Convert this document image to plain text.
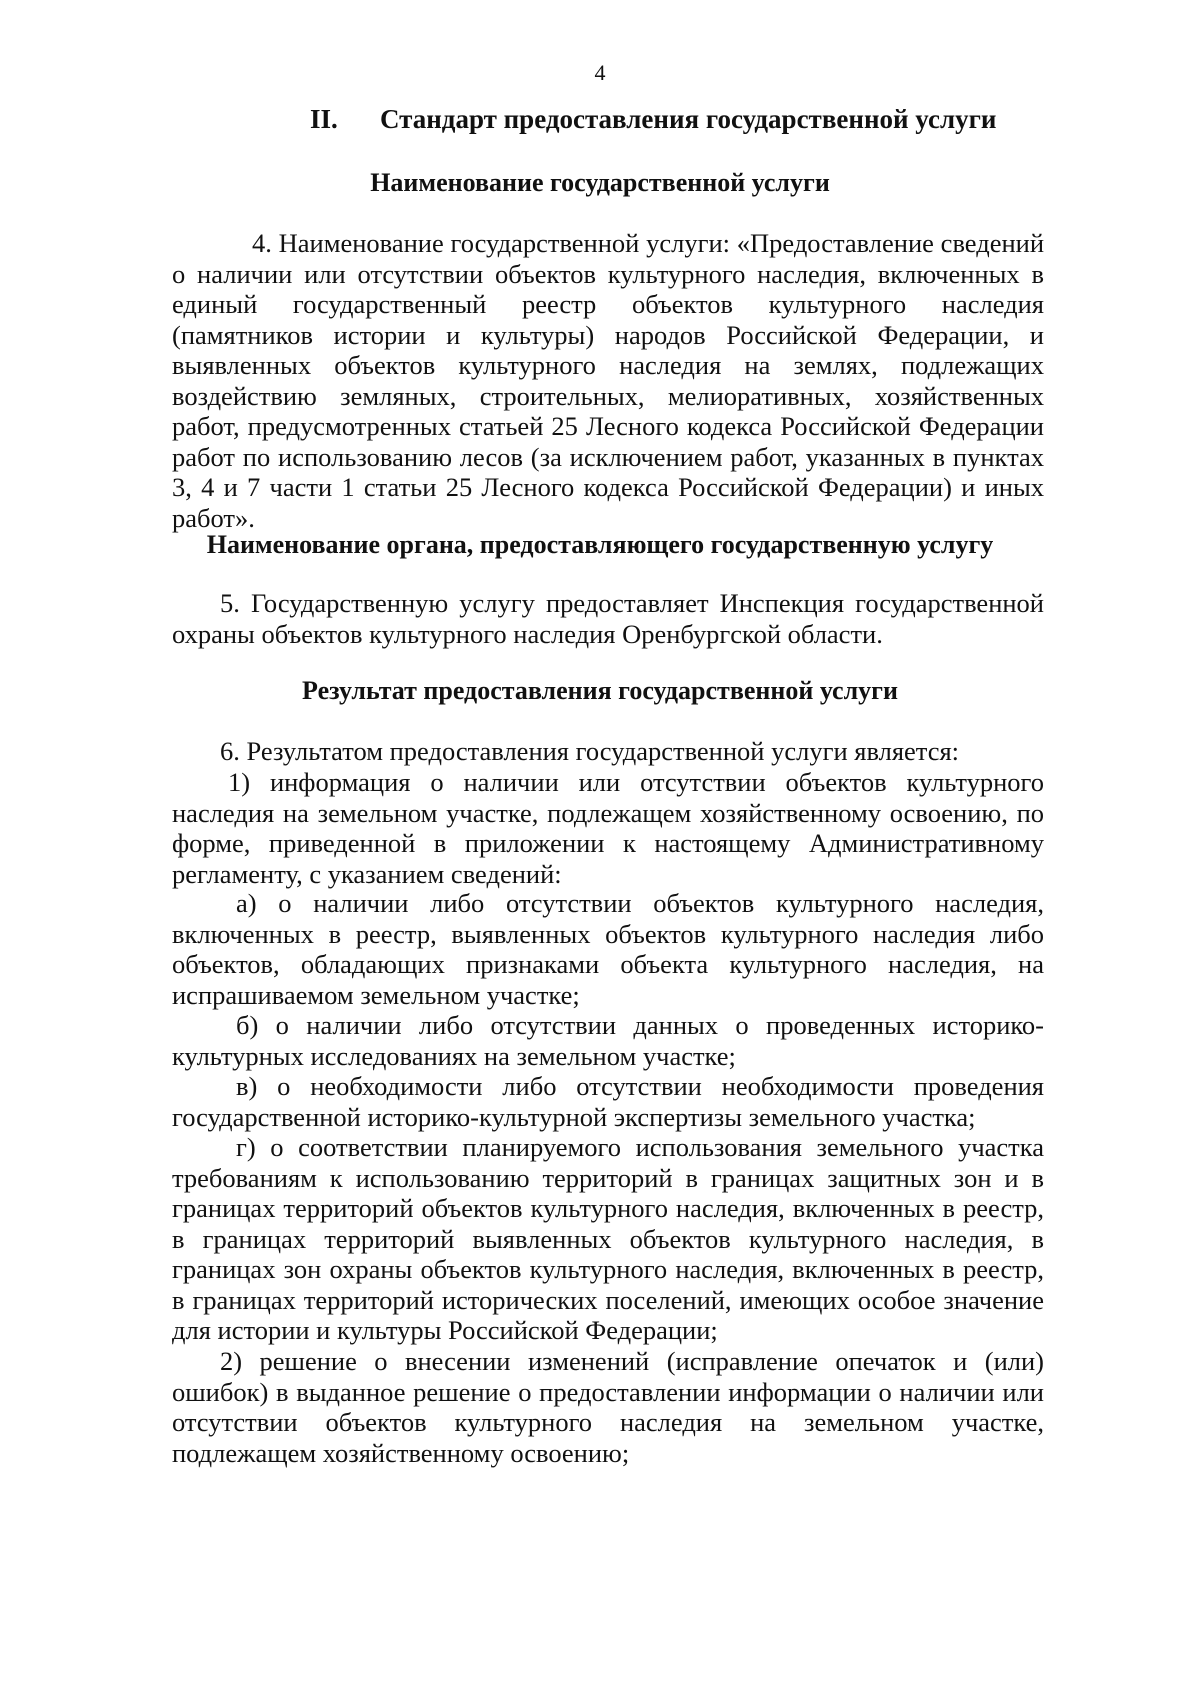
4
II. Стандарт предоставления государственной услуги
Наименование государственной услуги
4. Наименование государственной услуги: «Предоставление сведений о наличии или отсутствии объектов культурного наследия, включенных в единый государственный реестр объектов культурного наследия (памятников истории и культуры) народов Российской Федерации, и выявленных объектов культурного наследия на землях, подлежащих воздействию земляных, строительных, мелиоративных, хозяйственных работ, предусмотренных статьей 25 Лесного кодекса Российской Федерации работ по использованию лесов (за исключением работ, указанных в пунктах 3, 4 и 7 части 1 статьи 25 Лесного кодекса Российской Федерации) и иных работ».
Наименование органа, предоставляющего государственную услугу
5. Государственную услугу предоставляет Инспекция государственной охраны объектов культурного наследия Оренбургской области.
Результат предоставления государственной услуги
6. Результатом предоставления государственной услуги является:
1) информация о наличии или отсутствии объектов культурного наследия на земельном участке, подлежащем хозяйственному освоению, по форме, приведенной в приложении к настоящему Административному регламенту, с указанием сведений:
а) о наличии либо отсутствии объектов культурного наследия, включенных в реестр, выявленных объектов культурного наследия либо объектов, обладающих признаками объекта культурного наследия, на испрашиваемом земельном участке;
б) о наличии либо отсутствии данных о проведенных историко-культурных исследованиях на земельном участке;
в) о необходимости либо отсутствии необходимости проведения государственной историко-культурной экспертизы земельного участка;
г) о соответствии планируемого использования земельного участка требованиям к использованию территорий в границах защитных зон и в границах территорий объектов культурного наследия, включенных в реестр, в границах территорий выявленных объектов культурного наследия, в границах зон охраны объектов культурного наследия, включенных в реестр, в границах территорий исторических поселений, имеющих особое значение для истории и культуры Российской Федерации;
2) решение о внесении изменений (исправление опечаток и (или) ошибок) в выданное решение о предоставлении информации о наличии или отсутствии объектов культурного наследия на земельном участке, подлежащем хозяйственному освоению;
